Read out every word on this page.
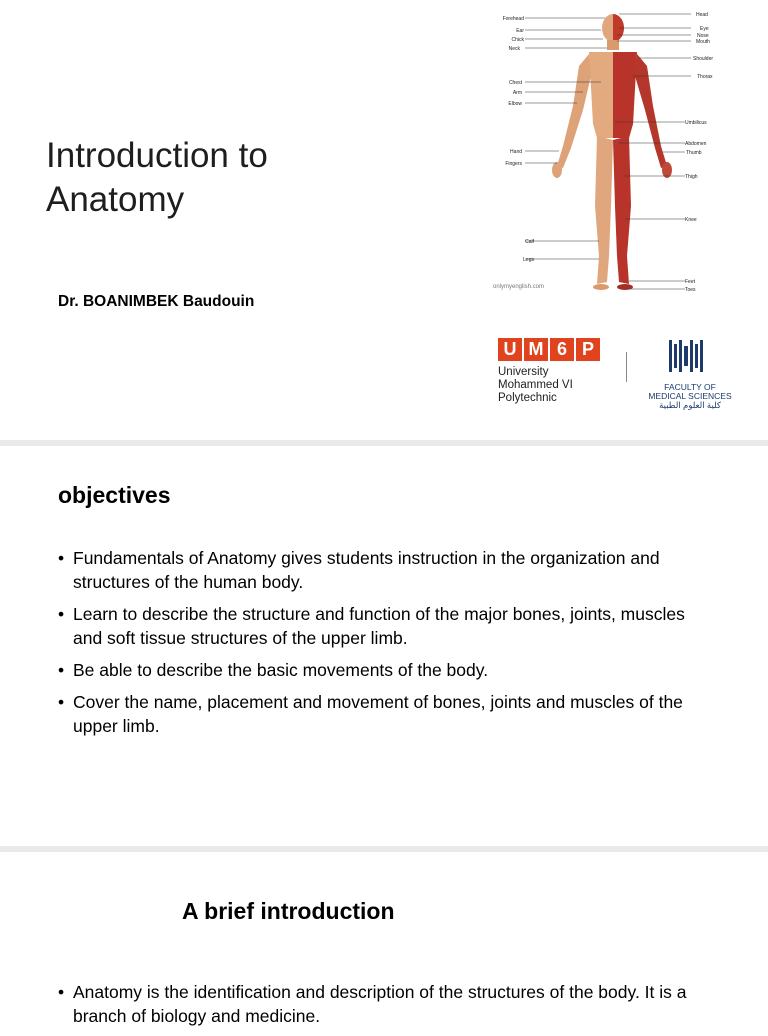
Introduction to
Anatomy
Dr. BOANIMBEK Baudouin
Forehead
Ear
Chick
Neck
Chest
Arm
Elbow
Hand
Fingers
Calf
Legs
Head
Eye
Nose
Mouth
Shoulder
Thorax
Umbilicus
Abdomen
Thumb
Thigh
Knee
Feet
Toes
onlymyenglish.com
U M 6 P
University
Mohammed VI
Polytechnic
FACULTY OF
MEDICAL SCIENCES
كلية العلوم الطبية
objectives
• Fundamentals of Anatomy gives students instruction in the organization and structures of the human body.
• Learn to describe the structure and function of the major bones, joints, muscles and soft tissue structures of the upper limb.
• Be able to describe the basic movements of the body.
• Cover the name, placement and movement of bones, joints and muscles of the upper limb.
A brief introduction
• Anatomy is the identification and description of the structures of the body. It is a branch of biology and medicine.
